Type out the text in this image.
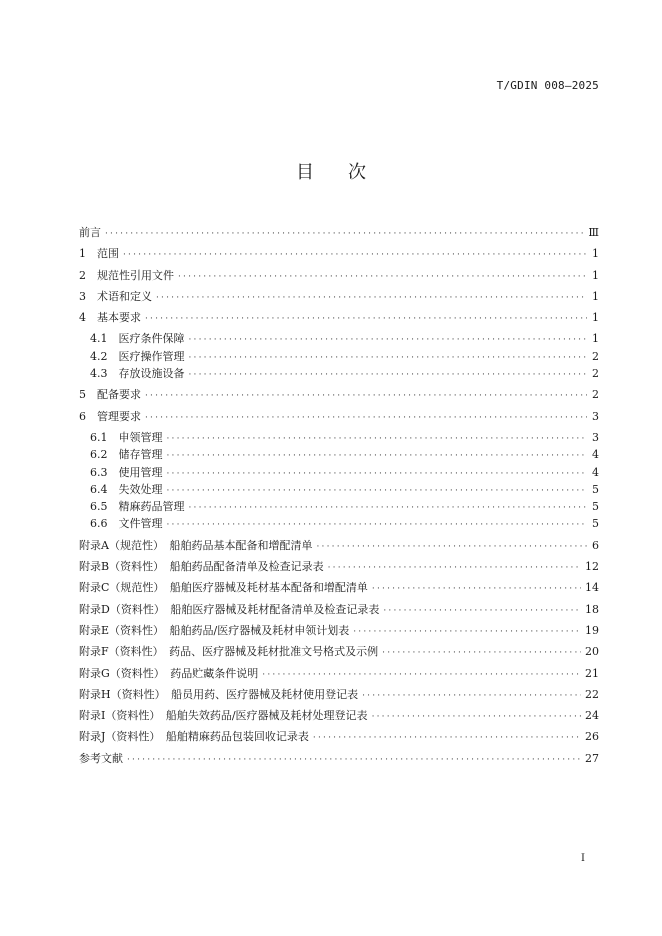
T/GDIN 008—2025
目次
前言 ·····	Ⅲ
1　范围 ·····	1
2　规范性引用文件 ·····	1
3　术语和定义 ·····	1
4　基本要求 ·····	1
4.1　医疗条件保障 ·····	1
4.2　医疗操作管理 ·····	2
4.3　存放设施设备 ·····	2
5　配备要求 ·····	2
6　管理要求 ·····	3
6.1　申领管理 ·····	3
6.2　储存管理 ·····	4
6.3　使用管理 ·····	4
6.4　失效处理 ·····	5
6.5　精麻药品管理 ·····	5
6.6　文件管理 ·····	5
附录A（规范性）　船舶药品基本配备和增配清单 ·····	6
附录B（资料性）　船舶药品配备清单及检查记录表 ·····	12
附录C（规范性）　船舶医疗器械及耗材基本配备和增配清单 ·····	14
附录D（资料性）　船舶医疗器械及耗材配备清单及检查记录表 ·····	18
附录E（资料性）　船舶药品/医疗器械及耗材申领计划表 ·····	19
附录F（资料性）　药品、医疗器械及耗材批准文号格式及示例 ·····	20
附录G（资料性）　药品贮藏条件说明 ·····	21
附录H（资料性）　船员用药、医疗器械及耗材使用登记表 ·····	22
附录I（资料性）　船舶失效药品/医疗器械及耗材处理登记表 ·····	24
附录J（资料性）　船舶精麻药品包装回收记录表 ·····	26
参考文献 ·····	27
I
